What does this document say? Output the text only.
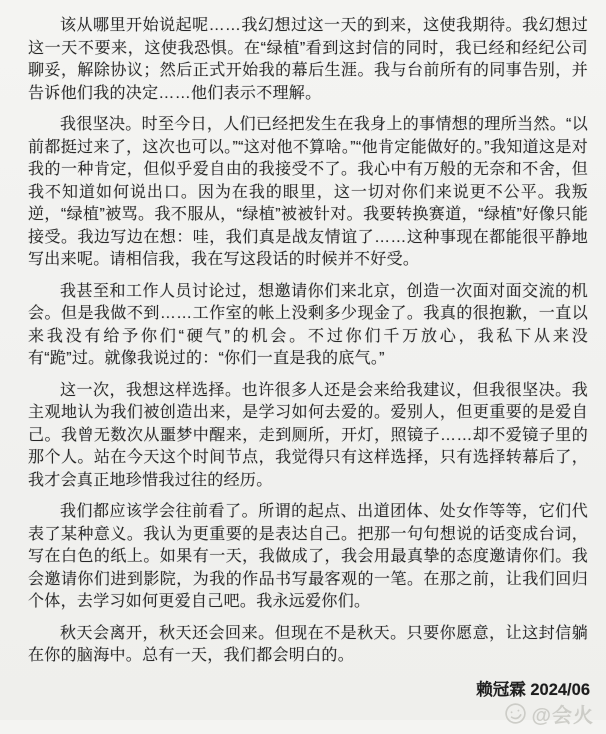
该从哪里开始说起呢……我幻想过这一天的到来，这使我期待。我幻想过这一天不要来，这使我恐惧。在“绿植”看到这封信的同时，我已经和经纪公司聊妥，解除协议；然后正式开始我的幕后生涯。我与台前所有的同事告别，并告诉他们我的决定……他们表示不理解。

我很坚决。时至今日，人们已经把发生在我身上的事情想的理所当然。“以前都挺过来了，这次也可以。”“这对他不算啥。”“他肯定能做好的。”我知道这是对我的一种肯定，但似乎爱自由的我接受不了。我心中有万般的无奈和不舍，但我不知道如何说出口。因为在我的眼里，这一切对你们来说更不公平。我叛逆，“绿植”被骂。我不服从，“绿植”被被针对。我要转换赛道，“绿植”好像只能接受。我边写边在想：哇，我们真是战友情谊了……这种事现在都能很平静地写出来呢。请相信我，我在写这段话的时候并不好受。

我甚至和工作人员讨论过，想邀请你们来北京，创造一次面对面交流的机会。但是我做不到……工作室的帐上没剩多少现金了。我真的很抱歉，一直以来我没有给予你们“硬气”的机会。不过你们千万放心，我私下从来没有“跪”过。就像我说过的：“你们一直是我的底气。”

这一次，我想这样选择。也许很多人还是会来给我建议，但我很坚决。我主观地认为我们被创造出来，是学习如何去爱的。爱别人，但更重要的是爱自己。我曾无数次从噩梦中醒来，走到厕所，开灯，照镜子……却不爱镜子里的那个人。站在今天这个时间节点，我觉得只有这样选择，只有选择转幕后了，我才会真正地珍惜我过往的经历。

我们都应该学会往前看了。所谓的起点、出道团体、处女作等等，它们代表了某种意义。我认为更重要的是表达自己。把那一句句想说的话变成台词，写在白色的纸上。如果有一天，我做成了，我会用最真挚的态度邀请你们。我会邀请你们进到影院，为我的作品书写最客观的一笔。在那之前，让我们回归个体，去学习如何更爱自己吧。我永远爱你们。

秋天会离开，秋天还会回来。但现在不是秋天。只要你愿意，让这封信躺在你的脑海中。总有一天，我们都会明白的。

赖冠霖 2024/06
@会火
